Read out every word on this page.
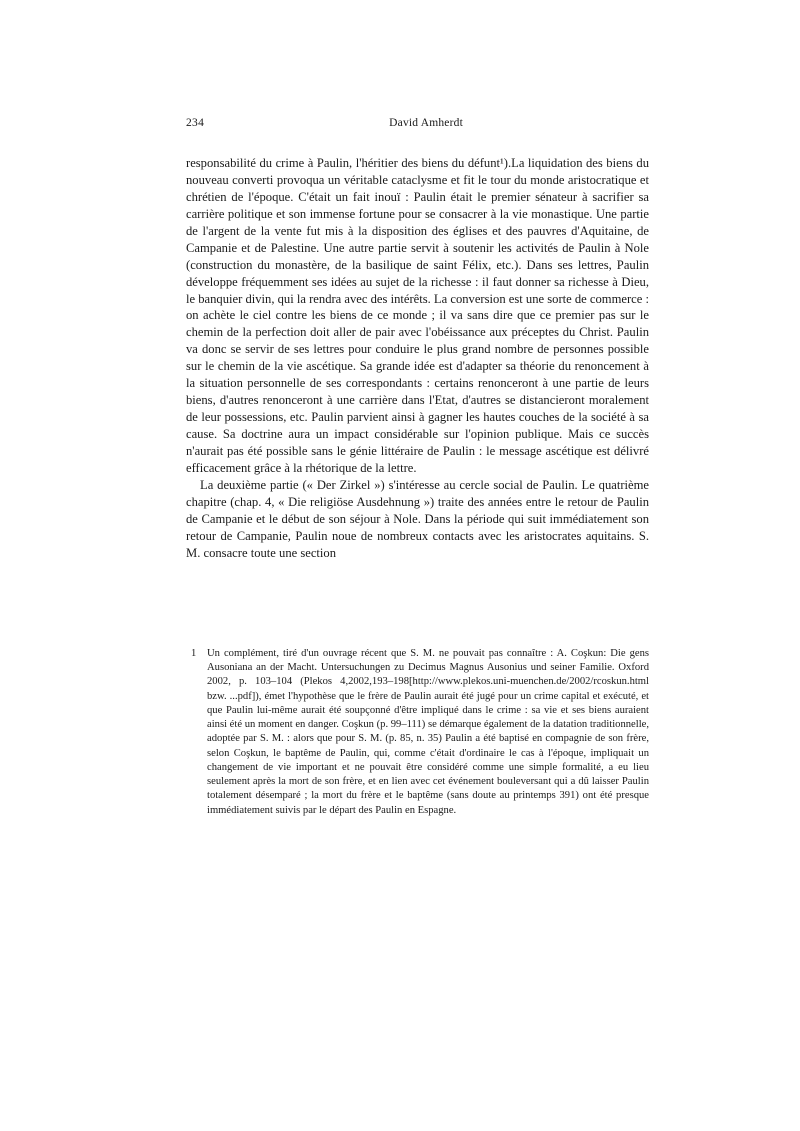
234	David Amherdt

responsabilité du crime à Paulin, l'héritier des biens du défunt¹).La liquidation des biens du nouveau converti provoqua un véritable cataclysme et fit le tour du monde aristocratique et chrétien de l'époque. C'était un fait inouï : Paulin était le premier sénateur à sacrifier sa carrière politique et son immense fortune pour se consacrer à la vie monastique. Une partie de l'argent de la vente fut mis à la disposition des églises et des pauvres d'Aquitaine, de Campanie et de Palestine. Une autre partie servit à soutenir les activités de Paulin à Nole (construction du monastère, de la basilique de saint Félix, etc.). Dans ses lettres, Paulin développe fréquemment ses idées au sujet de la richesse : il faut donner sa richesse à Dieu, le banquier divin, qui la rendra avec des intérêts. La conversion est une sorte de commerce : on achète le ciel contre les biens de ce monde ; il va sans dire que ce premier pas sur le chemin de la perfection doit aller de pair avec l'obéissance aux préceptes du Christ. Paulin va donc se servir de ses lettres pour conduire le plus grand nombre de personnes possible sur le chemin de la vie ascétique. Sa grande idée est d'adapter sa théorie du renoncement à la situation personnelle de ses correspondants : certains renonceront à une partie de leurs biens, d'autres renonceront à une carrière dans l'Etat, d'autres se distancieront moralement de leur possessions, etc. Paulin parvient ainsi à gagner les hautes couches de la société à sa cause. Sa doctrine aura un impact considérable sur l'opinion publique. Mais ce succès n'aurait pas été possible sans le génie littéraire de Paulin : le message ascétique est délivré efficacement grâce à la rhétorique de la lettre.

La deuxième partie (« Der Zirkel ») s'intéresse au cercle social de Paulin. Le quatrième chapitre (chap. 4, « Die religiöse Ausdehnung ») traite des années entre le retour de Paulin de Campanie et le début de son séjour à Nole. Dans la période qui suit immédiatement son retour de Campanie, Paulin noue de nombreux contacts avec les aristocrates aquitains. S. M. consacre toute une section

1 Un complément, tiré d'un ouvrage récent que S. M. ne pouvait pas connaître : A. Coşkun: Die gens Ausoniana an der Macht. Untersuchungen zu Decimus Magnus Ausonius und seiner Familie. Oxford 2002, p. 103–104 (Plekos 4,2002,193–198[http://www.plekos.uni-muenchen.de/2002/rcoskun.html bzw. ...pdf]), émet l'hypothèse que le frère de Paulin aurait été jugé pour un crime capital et exécuté, et que Paulin lui-même aurait été soupçonné d'être impliqué dans le crime : sa vie et ses biens auraient ainsi été un moment en danger. Coşkun (p. 99–111) se démarque également de la datation traditionnelle, adoptée par S. M. : alors que pour S. M. (p. 85, n. 35) Paulin a été baptisé en compagnie de son frère, selon Coşkun, le baptême de Paulin, qui, comme c'était d'ordinaire le cas à l'époque, impliquait un changement de vie important et ne pouvait être considéré comme une simple formalité, a eu lieu seulement après la mort de son frère, et en lien avec cet événement bouleversant qui a dû laisser Paulin totalement désemparé ; la mort du frère et le baptême (sans doute au printemps 391) ont été presque immédiatement suivis par le départ des Paulin en Espagne.
